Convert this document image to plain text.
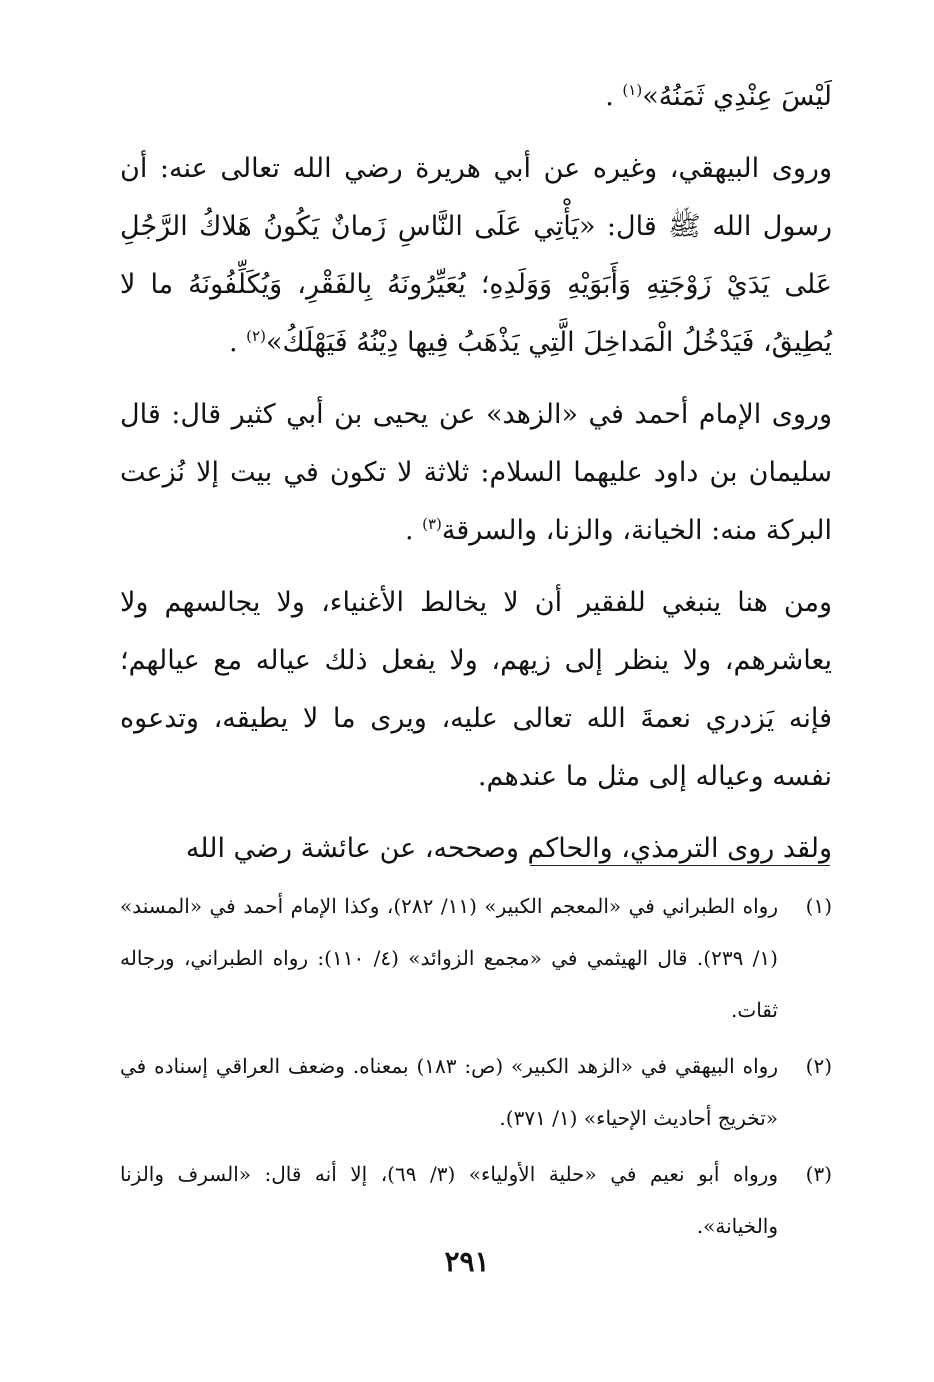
لَيْسَ عِنْدِي ثَمَنُهُ»$^{(١)}$ .

وروى البيهقي، وغيره عن أبي هريرة رضي الله تعالى عنه: أن رسول الله ﷺ قال: «يَأْتِي عَلَى النَّاسِ زَمانٌ يَكُونُ هَلاكُ الرَّجُلِ عَلى يَدَيْ زَوْجَتِهِ وَأَبَوَيْهِ وَوَلَدِهِ؛ يُعَيِّرُونَهُ بِالفَقْرِ، وَيُكَلِّفُونَهُ ما لا يُطِيقُ، فَيَدْخُلُ الْمَداخِلَ الَّتِي يَذْهَبُ فِيها دِيْنُهُ فَيَهْلَكُ»$^{(٢)}$ .

وروى الإمام أحمد في «الزهد» عن يحيى بن أبي كثير قال: قال سليمان بن داود عليهما السلام: ثلاثة لا تكون في بيت إلا نُزعت البركة منه: الخيانة، والزنا، والسرقة$^{(٣)}$ .

ومن هنا ينبغي للفقير أن لا يخالط الأغنياء، ولا يجالسهم ولا يعاشرهم، ولا ينظر إلى زيهم، ولا يفعل ذلك عياله مع عيالهم؛ فإنه يَزدري نعمةَ الله تعالى عليه، ويرى ما لا يطيقه، وتدعوه نفسه وعياله إلى مثل ما عندهم.

ولقد روى الترمذي، والحاكم وصححه، عن عائشة رضي الله

(١)
رواه الطبراني في «المعجم الكبير» (١١/ ٢٨٢)، وكذا الإمام أحمد في «المسند» (١/ ٢٣٩). قال الهيثمي في «مجمع الزوائد» (٤/ ١١٠): رواه الطبراني، ورجاله ثقات.
(٢)
رواه البيهقي في «الزهد الكبير» (ص: ١٨٣) بمعناه. وضعف العراقي إسناده في «تخريج أحاديث الإحياء» (١/ ٣٧١).
(٣)
ورواه أبو نعيم في «حلية الأولياء» (٣/ ٦٩)، إلا أنه قال: «السرف والزنا والخيانة».
٢٩١
